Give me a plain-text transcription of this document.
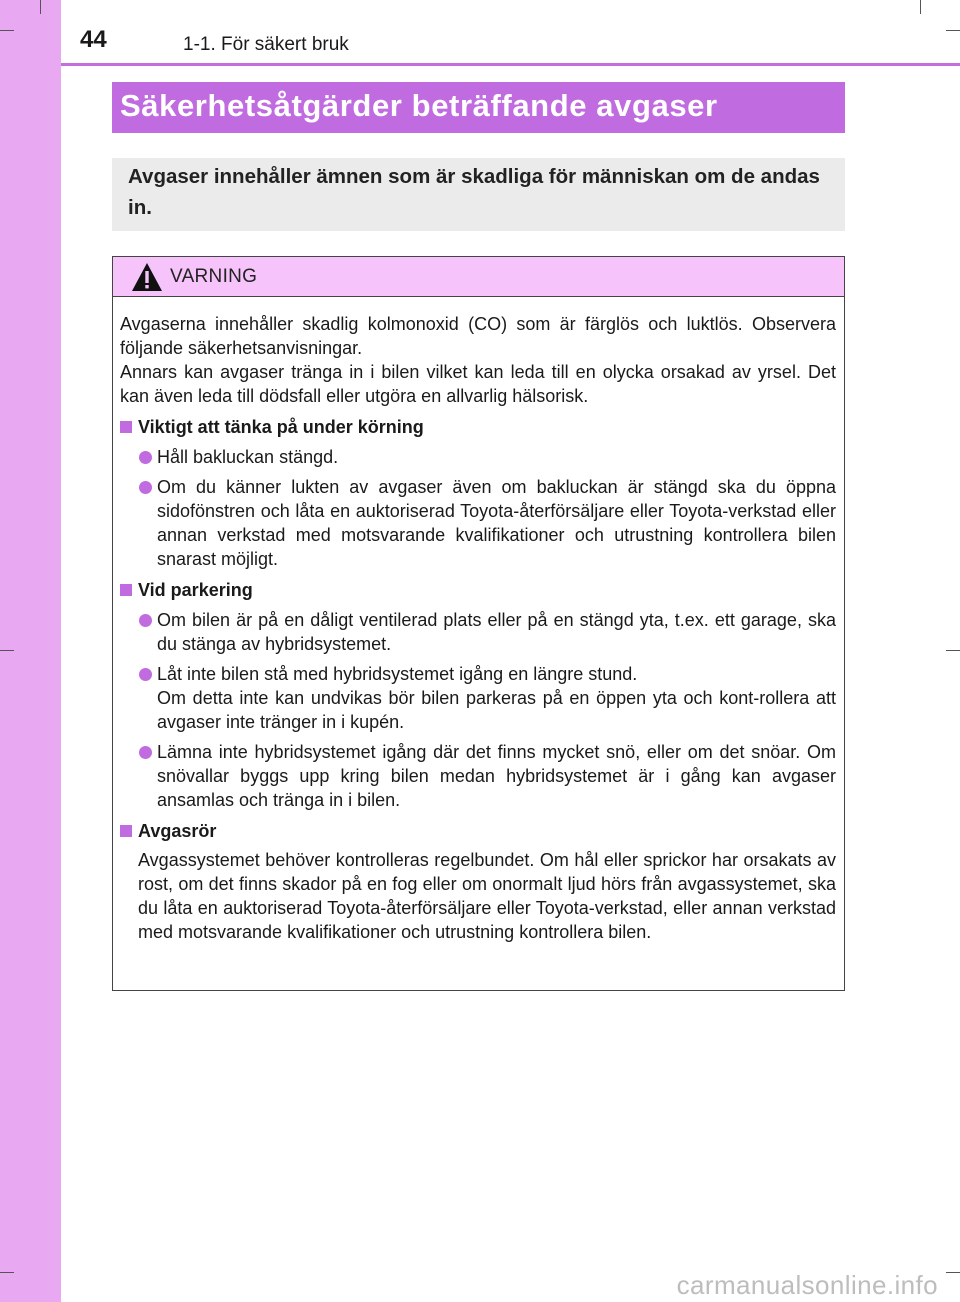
44	1-1. För säkert bruk
Säkerhetsåtgärder beträffande avgaser
Avgaser innehåller ämnen som är skadliga för människan om de andas in.
VARNING
Avgaserna innehåller skadlig kolmonoxid (CO) som är färglös och luktlös. Observera följande säkerhetsanvisningar.
Annars kan avgaser tränga in i bilen vilket kan leda till en olycka orsakad av yrsel. Det kan även leda till dödsfall eller utgöra en allvarlig hälsorisk.
Viktigt att tänka på under körning
Håll bakluckan stängd.
Om du känner lukten av avgaser även om bakluckan är stängd ska du öppna sidofönstren och låta en auktoriserad Toyota-återförsäljare eller Toyota-verkstad eller annan verkstad med motsvarande kvalifikationer och utrustning kontrollera bilen snarast möjligt.
Vid parkering
Om bilen är på en dåligt ventilerad plats eller på en stängd yta, t.ex. ett garage, ska du stänga av hybridsystemet.
Låt inte bilen stå med hybridsystemet igång en längre stund.
Om detta inte kan undvikas bör bilen parkeras på en öppen yta och kont-rollera att avgaser inte tränger in i kupén.
Lämna inte hybridsystemet igång där det finns mycket snö, eller om det snöar. Om snövallar byggs upp kring bilen medan hybridsystemet är i gång kan avgaser ansamlas och tränga in i bilen.
Avgasrör
Avgassystemet behöver kontrolleras regelbundet. Om hål eller sprickor har orsakats av rost, om det finns skador på en fog eller om onormalt ljud hörs från avgassystemet, ska du låta en auktoriserad Toyota-återförsäljare eller Toyota-verkstad, eller annan verkstad med motsvarande kvalifikationer och utrustning kontrollera bilen.
carmanualsonline.info
